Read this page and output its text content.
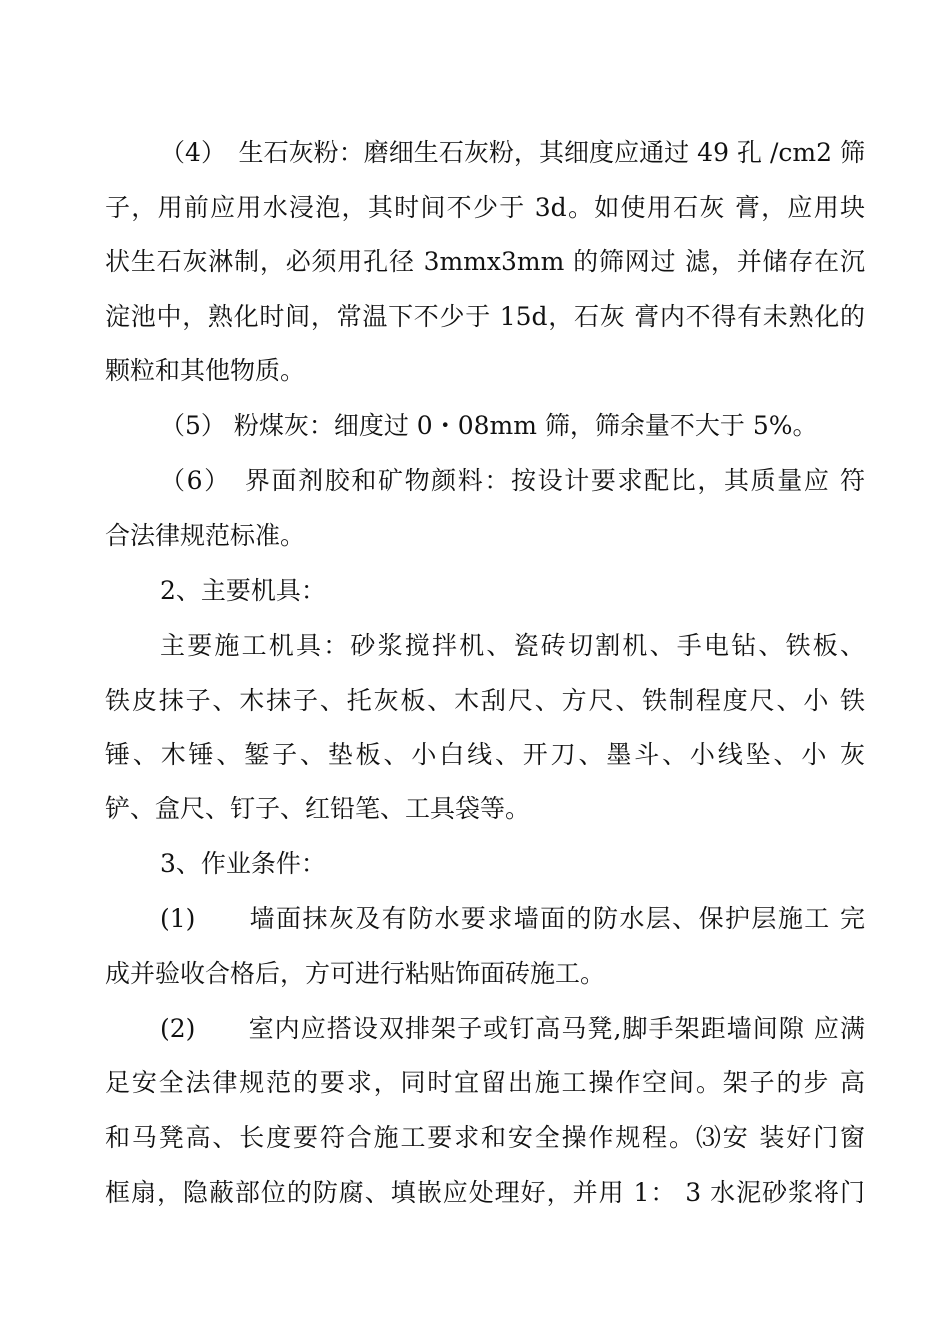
（4）　生石灰粉：磨细生石灰粉，其细度应通过 49 孔 /cm2 筛
子，用前应用水浸泡，其时间不少于 3d。如使用石灰 膏，应用块
状生石灰淋制，必须用孔径 3mmx3mm 的筛网过 滤，并储存在沉
淀池中，熟化时间，常温下不少于 15d，石灰 膏内不得有未熟化的
颗粒和其他物质。
（5） 粉煤灰：细度过 0・08mm 筛，筛余量不大于 5%。
（6）　界面剂胶和矿物颜料：按设计要求配比，其质量应 符
合法律规范标准。
2、主要机具：
主要施工机具：砂浆搅拌机、瓷砖切割机、手电钻、铁板、
铁皮抹子、木抹子、托灰板、木刮尺、方尺、铁制程度尺、小 铁
锤、木锤、錾子、垫板、小白线、开刀、墨斗、小线坠、小 灰
铲、盒尺、钉子、红铅笔、工具袋等。
3、作业条件：
(1)　　墙面抹灰及有防水要求墙面的防水层、保护层施工 完
成并验收合格后，方可进行粘贴饰面砖施工。
(2)　　室内应搭设双排架子或钉高马凳,脚手架距墙间隙 应满
足安全法律规范的要求，同时宜留出施工操作空间。架子的步 高
和马凳高、长度要符合施工要求和安全操作规程。⑶安 装好门窗
框扇，隐蔽部位的防腐、填嵌应处理好，并用 1： 3 水泥砂浆将门
